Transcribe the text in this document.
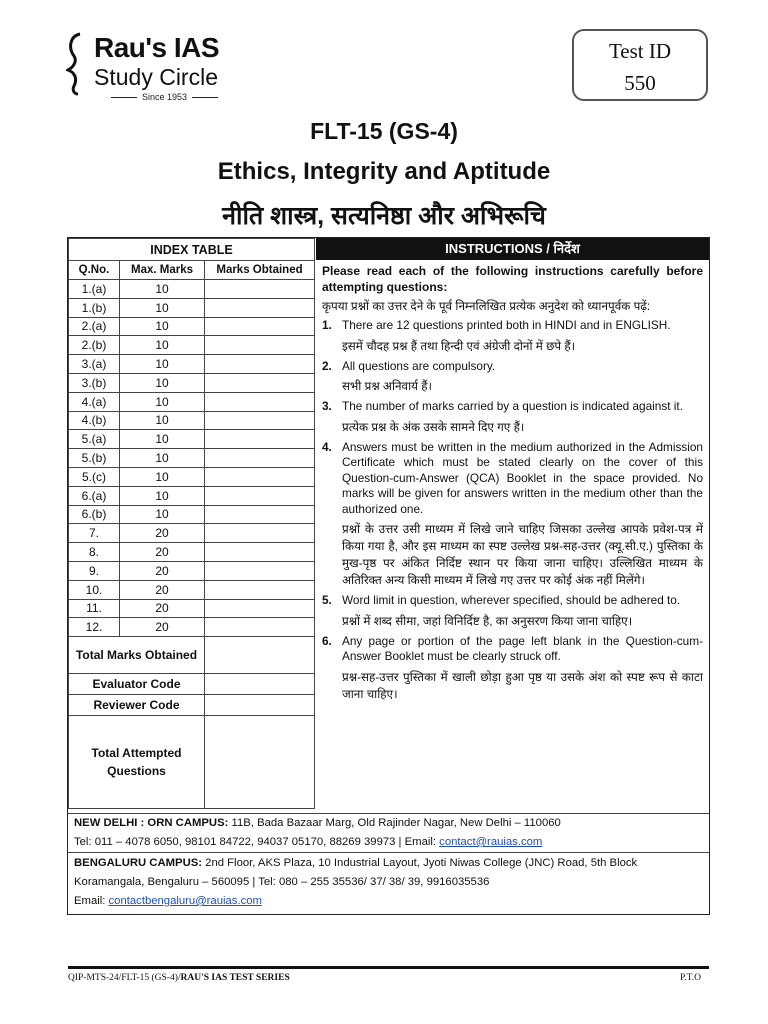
Rau's IAS
Study Circle
Since 1953
Test ID
550
FLT-15 (GS-4)
Ethics, Integrity and Aptitude
नीति शास्त्र, सत्यनिष्ठा और अभिरूचि
INDEX TABLE		
Q.No.	Max. Marks	Marks Obtained
1.(a)	10	
1.(b)	10	
2.(a)	10	
2.(b)	10	
3.(a)	10	
3.(b)	10	
4.(a)	10	
4.(b)	10	
5.(a)	10	
5.(b)	10	
5.(c)	10	
6.(a)	10	
6.(b)	10	
7.	20	
8.	20	
9.	20	
10.	20	
11.	20	
12.	20	
Total Marks Obtained		
Evaluator Code		
Reviewer Code		
Total Attempted Questions		
INSTRUCTIONS / निर्देश
Please read each of the following instructions carefully before attempting questions:
कृपया प्रश्नों का उत्तर देने के पूर्व निम्नलिखित प्रत्येक अनुदेश को ध्यानपूर्वक पढ़ें:
1. There are 12 questions printed both in HINDI and in ENGLISH.
इसमें चौदह प्रश्न हैं तथा हिन्दी एवं अंग्रेजी दोनों में छपे हैं।
2. All questions are compulsory.
सभी प्रश्न अनिवार्य हैं।
3. The number of marks carried by a question is indicated against it.
प्रत्येक प्रश्न के अंक उसके सामने दिए गए हैं।
4. Answers must be written in the medium authorized in the Admission Certificate which must be stated clearly on the cover of this Question-cum-Answer (QCA) Booklet in the space provided. No marks will be given for answers written in the medium other than the authorized one.
प्रश्नों के उत्तर उसी माध्यम में लिखे जाने चाहिए जिसका उल्लेख आपके प्रवेश-पत्र में किया गया है, और इस माध्यम का स्पष्ट उल्लेख प्रश्न-सह-उत्तर (क्यू.सी.ए.) पुस्तिका के मुख-पृष्ठ पर अंकित निर्दिष्ट स्थान पर किया जाना चाहिए। उल्लिखित माध्यम के अतिरिक्त अन्य किसी माध्यम में लिखे गए उत्तर पर कोई अंक नहीं मिलेंगे।
5. Word limit in question, wherever specified, should be adhered to.
प्रश्नों में शब्द सीमा, जहां विनिर्दिष्ट है, का अनुसरण किया जाना चाहिए।
6. Any page or portion of the page left blank in the Question-cum-Answer Booklet must be clearly struck off.
प्रश्न-सह-उत्तर पुस्तिका में खाली छोड़ा हुआ पृष्ठ या उसके अंश को स्पष्ट रूप से काटा जाना चाहिए।
NEW DELHI : ORN CAMPUS: 11B, Bada Bazaar Marg, Old Rajinder Nagar, New Delhi – 110060
Tel: 011 – 4078 6050, 98101 84722, 94037 05170, 88269 39973 | Email: contact@rauias.com
BENGALURU CAMPUS: 2nd Floor, AKS Plaza, 10 Industrial Layout, Jyoti Niwas College (JNC) Road, 5th Block
Koramangala, Bengaluru – 560095 | Tel: 080 – 255 35536/ 37/ 38/ 39, 9916035536
Email: contactbengaluru@rauias.com
QIP-MTS-24/FLT-15 (GS-4)/RAU'S IAS TEST SERIES	P.T.O
